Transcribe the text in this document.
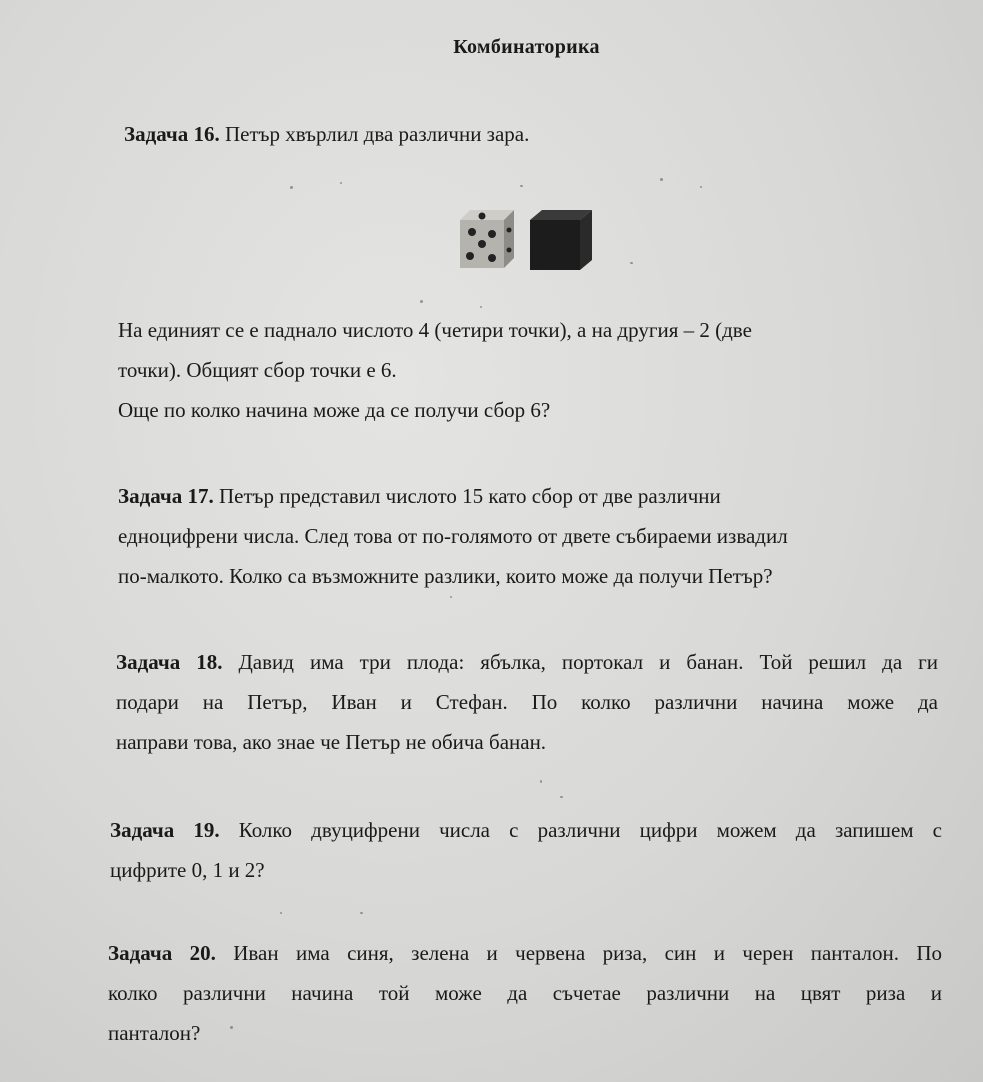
Комбинаторика
Задача 16. Петър хвърлил два различни зара.
На единият се е паднало числото 4 (четири точки), а на другия – 2 (две
точки). Общият сбор точки е 6.
Още по колко начина може да се получи сбор 6?
Задача 17. Петър представил числото 15 като сбор от две различни
едноцифрени числа. След това от по-голямото от двете събираеми извадил
по-малкото. Колко са възможните разлики, които може да получи Петър?
Задача 18. Давид има три плода: ябълка, портокал и банан. Той решил да ги
подари на Петър, Иван и Стефан. По колко различни начина може да
направи това, ако знае че Петър не обича банан.
Задача 19. Колко двуцифрени числа с различни цифри можем да запишем с
цифрите 0, 1 и 2?
Задача 20. Иван има синя, зелена и червена риза, син и черен панталон. По
колко различни начина той може да съчетае различни на цвят риза и
панталон?
